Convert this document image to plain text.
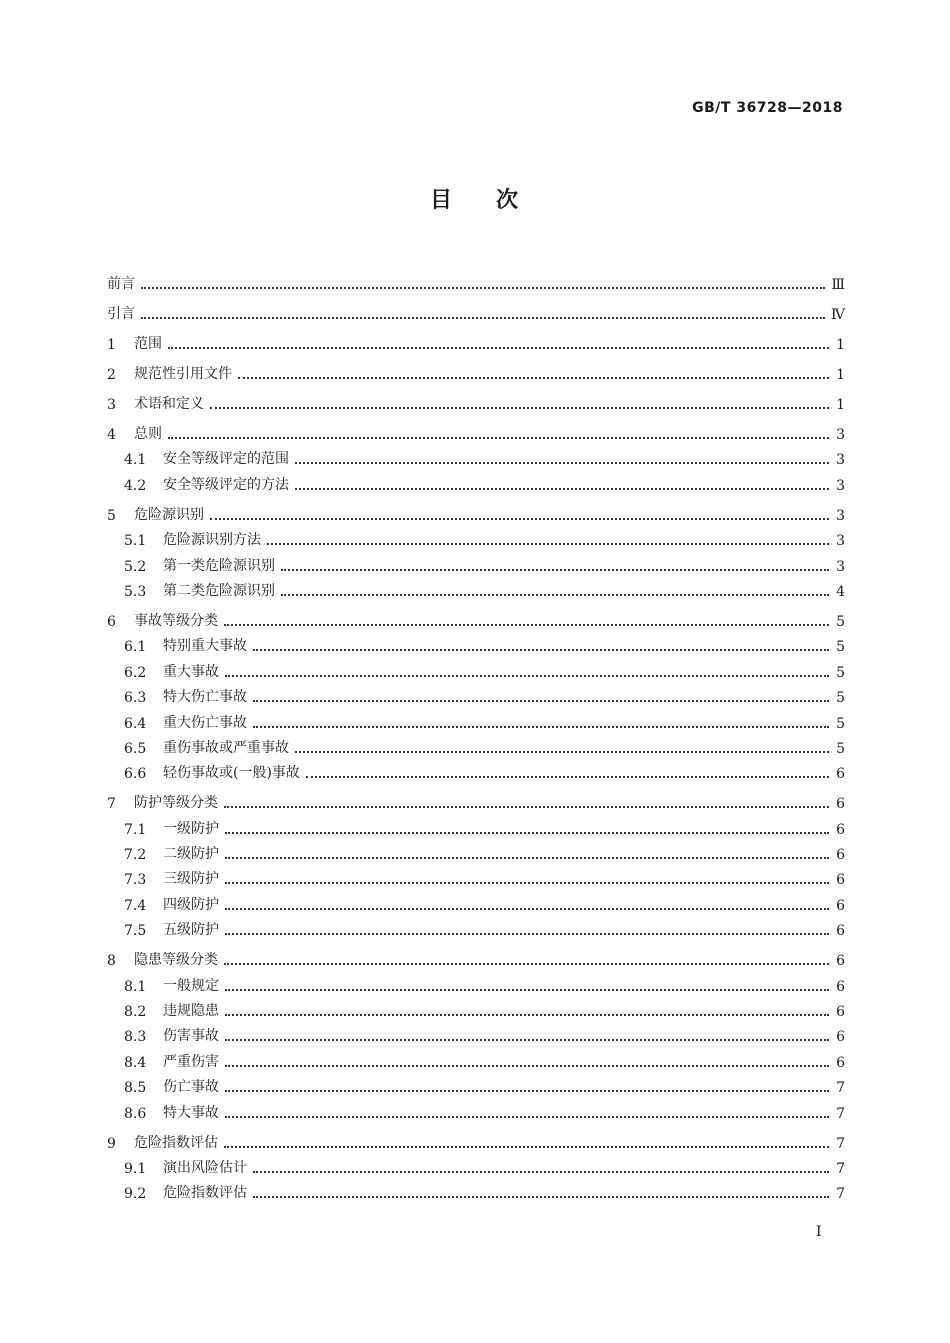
GB/T 36728—2018
目 次
前言	Ⅲ
引言	Ⅳ
1	范围	1
2	规范性引用文件	1
3	术语和定义	1
4	总则	3
4.1	安全等级评定的范围	3
4.2	安全等级评定的方法	3
5	危险源识别	3
5.1	危险源识别方法	3
5.2	第一类危险源识别	3
5.3	第二类危险源识别	4
6	事故等级分类	5
6.1	特别重大事故	5
6.2	重大事故	5
6.3	特大伤亡事故	5
6.4	重大伤亡事故	5
6.5	重伤事故或严重事故	5
6.6	轻伤事故或(一般)事故	6
7	防护等级分类	6
7.1	一级防护	6
7.2	二级防护	6
7.3	三级防护	6
7.4	四级防护	6
7.5	五级防护	6
8	隐患等级分类	6
8.1	一般规定	6
8.2	违规隐患	6
8.3	伤害事故	6
8.4	严重伤害	6
8.5	伤亡事故	7
8.6	特大事故	7
9	危险指数评估	7
9.1	演出风险估计	7
9.2	危险指数评估	7
I
